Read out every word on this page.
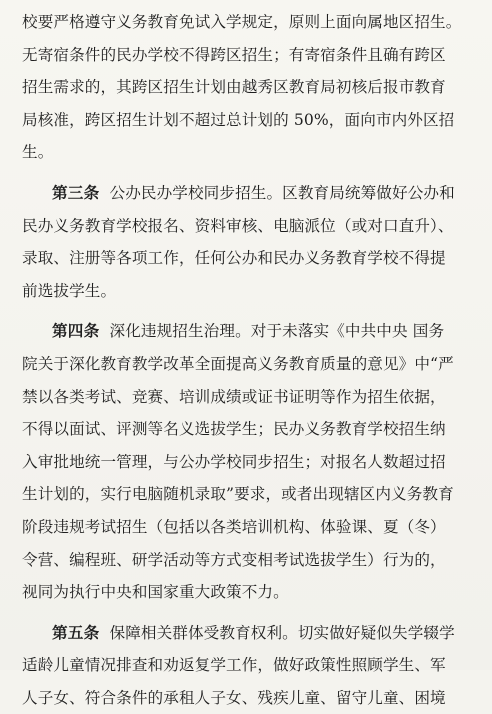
校要严格遵守义务教育免试入学规定，原则上面向属地区招生。
无寄宿条件的民办学校不得跨区招生；有寄宿条件且确有跨区
招生需求的，其跨区招生计划由越秀区教育局初核后报市教育
局核准，跨区招生计划不超过总计划的 50%，面向市内外区招
生。

第三条 公办民办学校同步招生。区教育局统筹做好公办和
民办义务教育学校报名、资料审核、电脑派位（或对口直升）、
录取、注册等各项工作，任何公办和民办义务教育学校不得提
前选拔学生。

第四条 深化违规招生治理。对于未落实《中共中央 国务
院关于深化教育教学改革全面提高义务教育质量的意见》中“严
禁以各类考试、竞赛、培训成绩或证书证明等作为招生依据，
不得以面试、评测等名义选拔学生；民办义务教育学校招生纳
入审批地统一管理，与公办学校同步招生；对报名人数超过招
生计划的，实行电脑随机录取”要求，或者出现辖区内义务教育
阶段违规考试招生（包括以各类培训机构、体验课、夏（冬）
令营、编程班、研学活动等方式变相考试选拔学生）行为的，
视同为执行中央和国家重大政策不力。

第五条 保障相关群体受教育权利。切实做好疑似失学辍学
适龄儿童情况排查和劝返复学工作，做好政策性照顾学生、军
人子女、符合条件的承租人子女、残疾儿童、留守儿童、困境
